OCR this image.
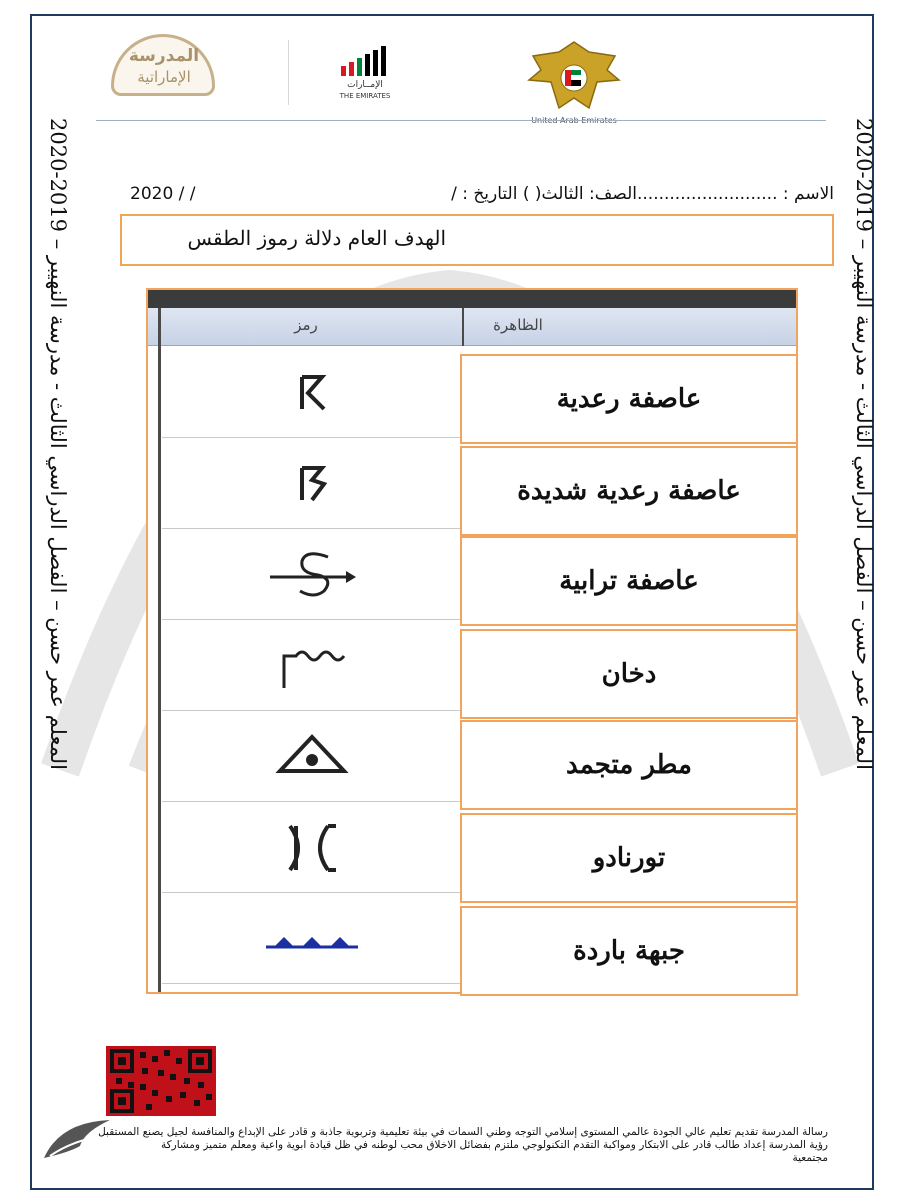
المعلم عمر حسن – الفصل الدراسي الثالث - مدرسة النهيبر – 2019-2020
المعلم عمر حسن – الفصل الدراسي الثالث - مدرسة النهيبر – 2019-2020
المدرسة
الإماراتية	الإمــارات
THE EMIRATES
الاسم : ..........................الصف: الثالث( ) التاريخ : /
2020 / /
الهدف العام دلالة رموز الطقس
رمز	الظاهرة
عاصفة رعدية
عاصفة رعدية شديدة
عاصفة ترابية
دخان
مطر متجمد
تورنادو
جبهة باردة
رسالة المدرسة تقديم تعليم عالي الجودة عالمي المستوى إسلامي التوجه وطني السمات في بيئة تعليمية وتربوية جاذبة و قادر على الإبداع والمنافسة لجيل يصنع المستقبل
رؤية المدرسة إعداد طالب قادر على الابتكار ومواكبة التقدم التكنولوجي ملتزم بفضائل الاخلاق محب لوطنه في ظل قيادة ابوية واعية ومعلم متميز ومشاركة
مجتمعية
